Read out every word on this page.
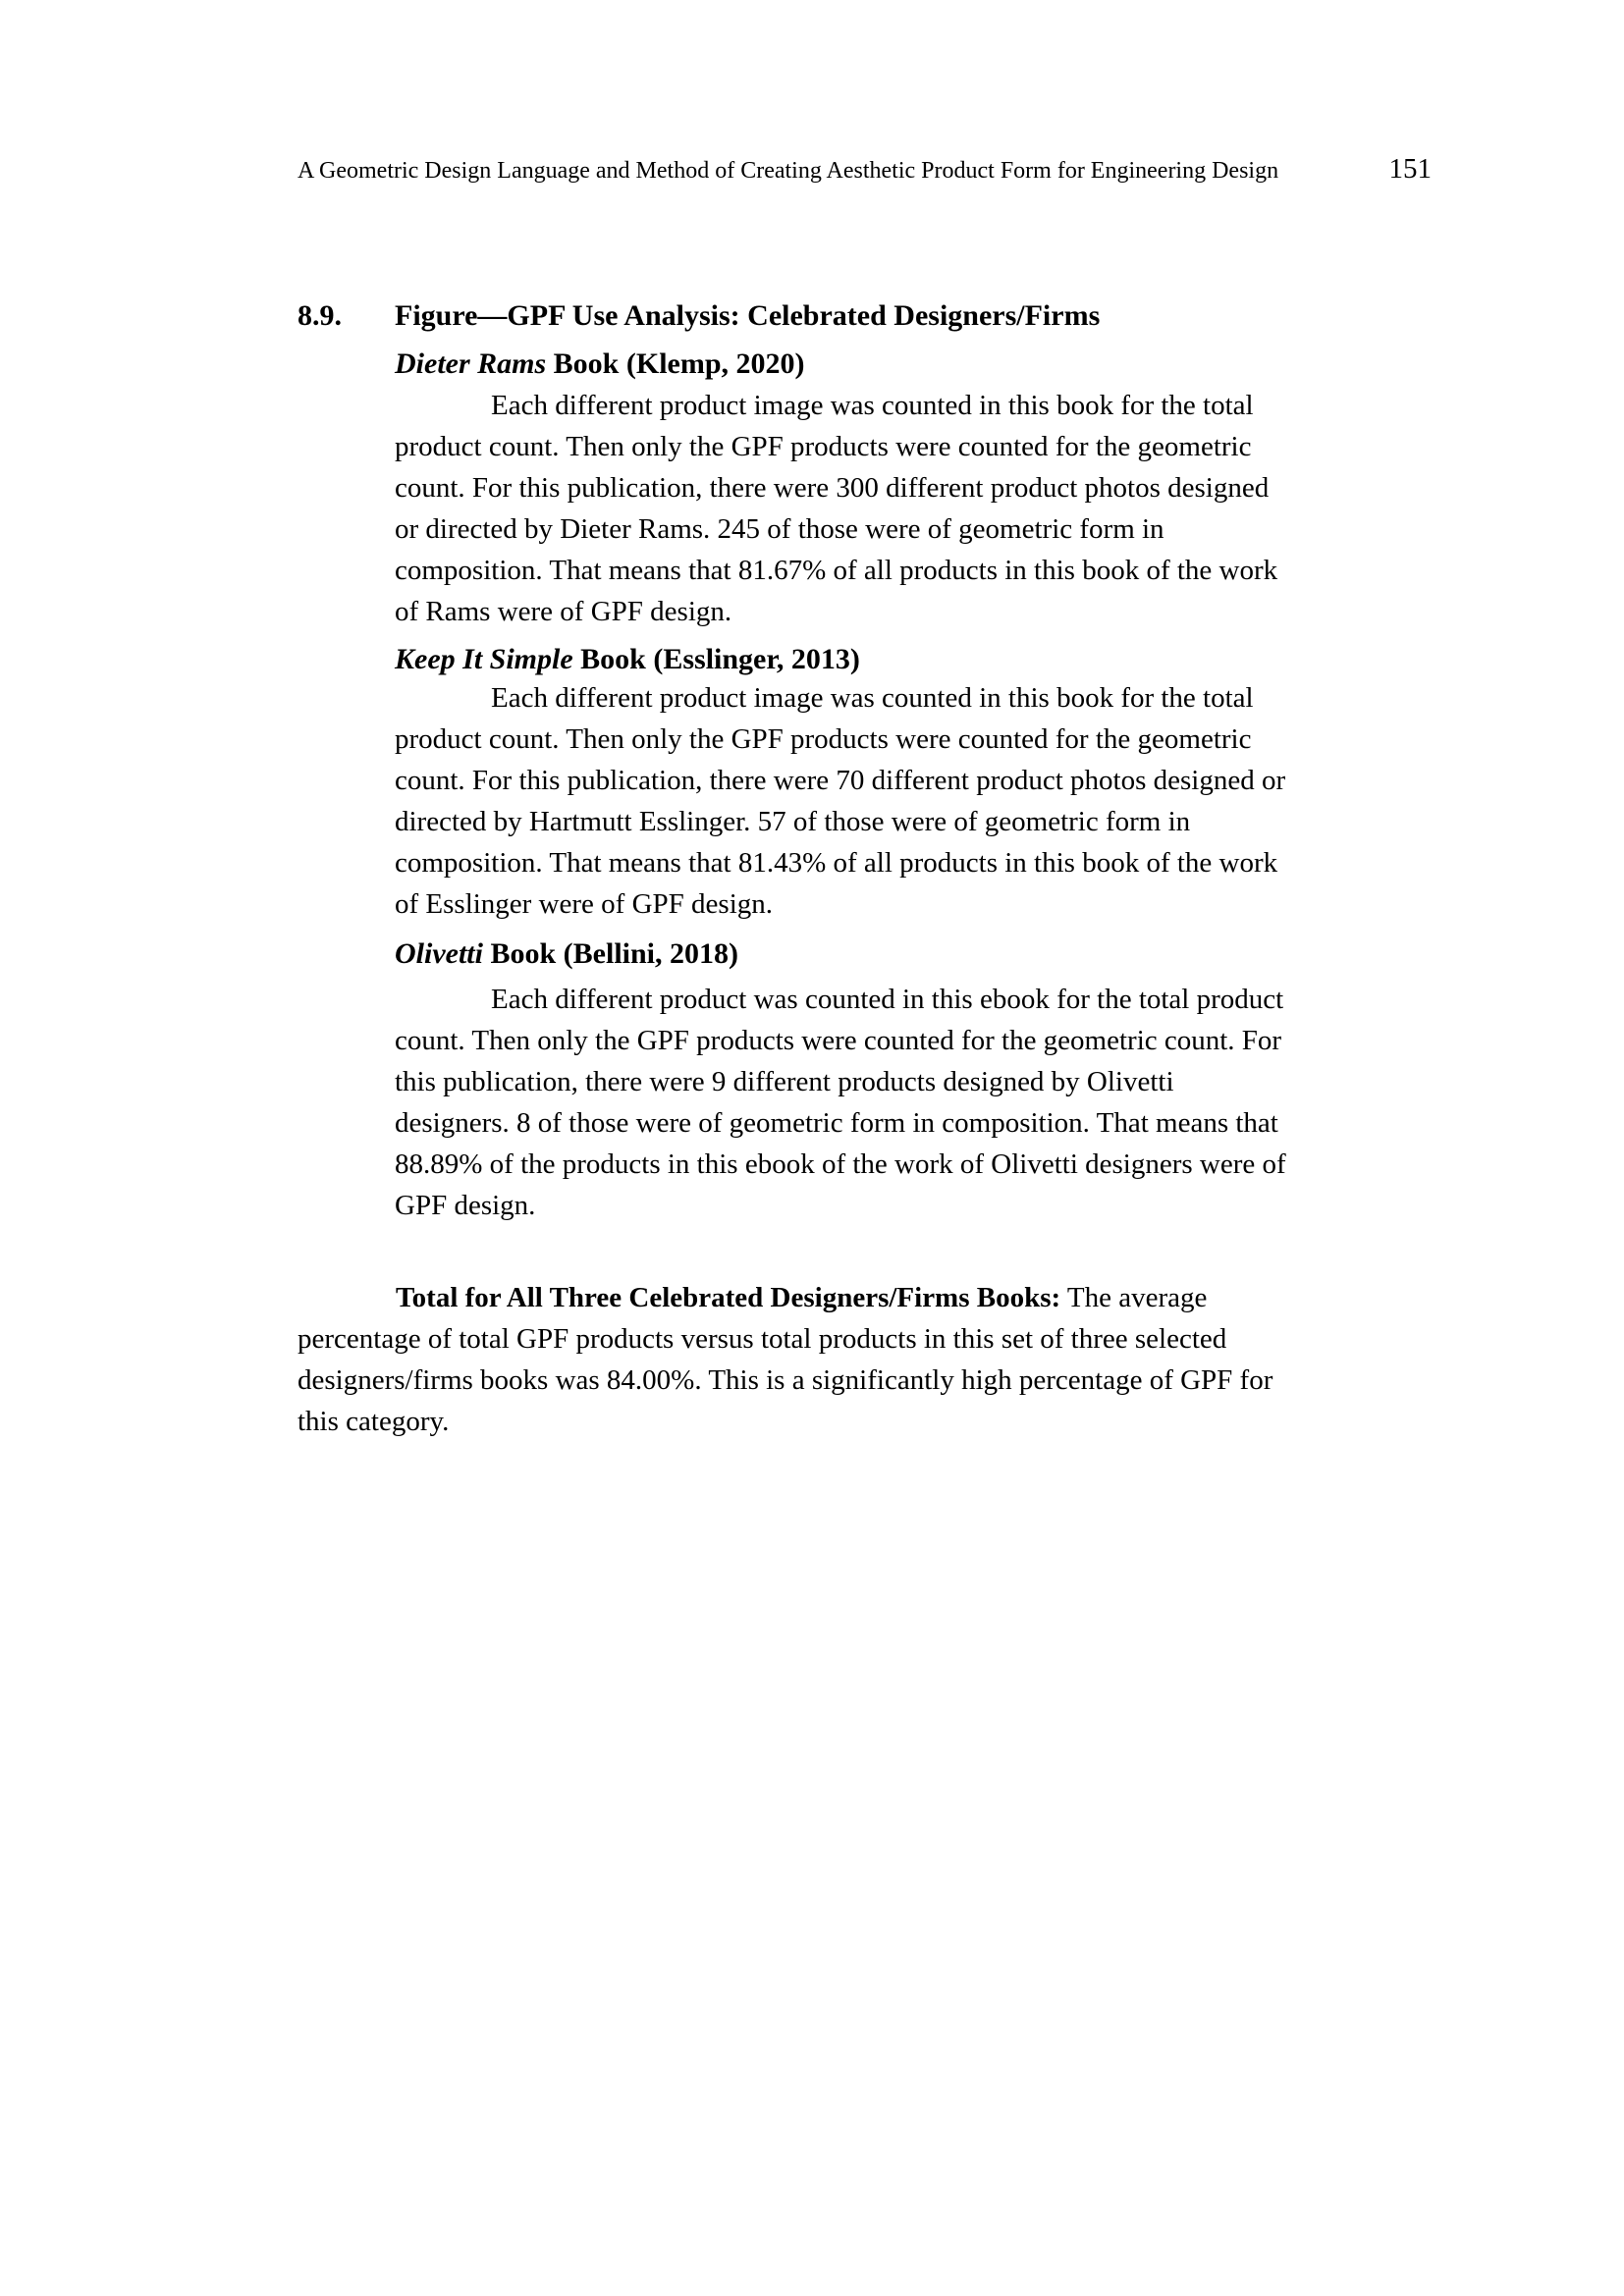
A Geometric Design Language and Method of Creating Aesthetic Product Form for Engineering Design	151
8.9.	Figure—GPF Use Analysis: Celebrated Designers/Firms
Dieter Rams Book (Klemp, 2020)
Each different product image was counted in this book for the total
product count. Then only the GPF products were counted for the geometric
count. For this publication, there were 300 different product photos designed
or directed by Dieter Rams. 245 of those were of geometric form in
composition. That means that 81.67% of all products in this book of the work
of Rams were of GPF design.
Keep It Simple Book (Esslinger, 2013)
Each different product image was counted in this book for the total
product count. Then only the GPF products were counted for the geometric
count. For this publication, there were 70 different product photos designed or
directed by Hartmutt Esslinger. 57 of those were of geometric form in
composition. That means that 81.43% of all products in this book of the work
of Esslinger were of GPF design.
Olivetti Book (Bellini, 2018)
Each different product was counted in this ebook for the total product
count. Then only the GPF products were counted for the geometric count. For
this publication, there were 9 different products designed by Olivetti
designers. 8 of those were of geometric form in composition. That means that
88.89% of the products in this ebook of the work of Olivetti designers were of
GPF design.
Total for All Three Celebrated Designers/Firms Books: The average
percentage of total GPF products versus total products in this set of three selected
designers/firms books was 84.00%. This is a significantly high percentage of GPF for
this category.
